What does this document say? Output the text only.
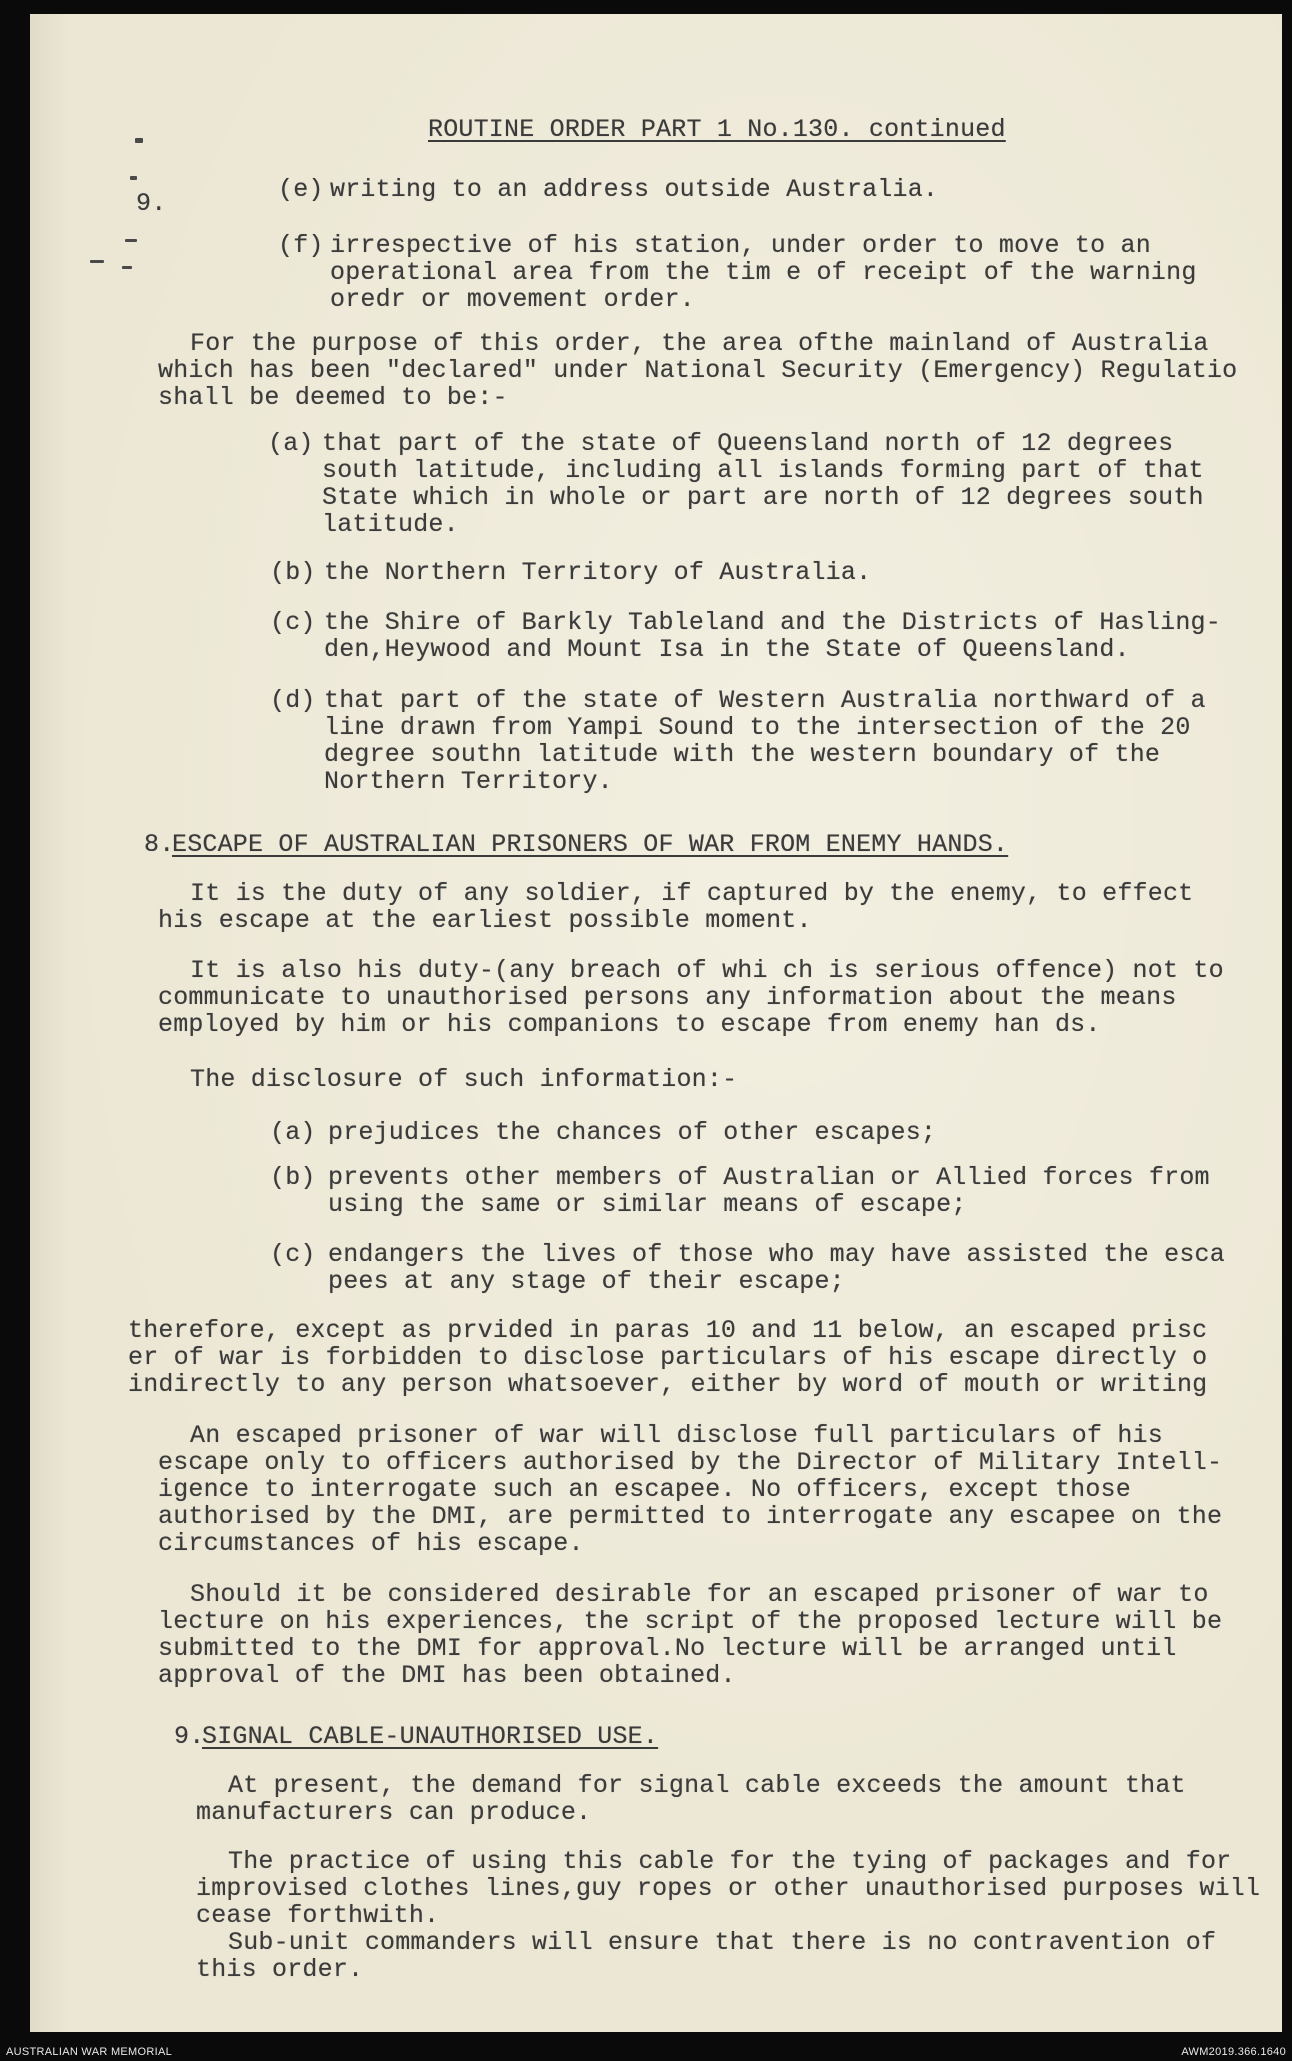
ROUTINE ORDER PART 1 No.130. continued
9.	(e) writing to an address outside Australia.
(f) irrespective of his station, under order to move to an
operational area from the tim e of receipt of the warning
oredr or movement order.
For the purpose of this order, the area ofthe mainland of Australia
which has been "declared" under National Security (Emergency) Regulatio
shall be deemed to be:-
(a) that part of the state of Queensland north of 12 degrees
south latitude, including all islands forming part of that
State which in whole or part are north of 12 degrees south
latitude.
(b) the Northern Territory of Australia.
(c) the Shire of Barkly Tableland and the Districts of Hasling-
den,Heywood and Mount Isa in the State of Queensland.
(d) that part of the state of Western Australia northward of a
line drawn from Yampi Sound to the intersection of the 20
degree southn latitude with the western boundary of the
Northern Territory.
8.
ESCAPE OF AUSTRALIAN PRISONERS OF WAR FROM ENEMY HANDS.
It is the duty of any soldier, if captured by the enemy, to effect
his escape at the earliest possible moment.
It is also his duty-(any breach of whi ch is serious offence) not to
communicate to unauthorised persons any information about the means
employed by him or his companions to escape from enemy han ds.
The disclosure of such information:-
(a) prejudices the chances of other escapes;
(b) prevents other members of Australian or Allied forces from
using the same or similar means of escape;
(c) endangers the lives of those who may have assisted the esca
pees at any stage of their escape;
therefore, except as prvided in paras 10 and 11 below, an escaped prisc
er of war is forbidden to disclose particulars of his escape directly o
indirectly to any person whatsoever, either by word of mouth or writing
An escaped prisoner of war will disclose full particulars of his
escape only to officers authorised by the Director of Military Intell-
igence to interrogate such an escapee. No officers, except those
authorised by the DMI, are permitted to interrogate any escapee on the
circumstances of his escape.
Should it be considered desirable for an escaped prisoner of war to
lecture on his experiences, the script of the proposed lecture will be
submitted to the DMI for approval.No lecture will be arranged until
approval of the DMI has been obtained.
9.
SIGNAL CABLE-UNAUTHORISED USE.
At present, the demand for signal cable exceeds the amount that
manufacturers can produce.
The practice of using this cable for the tying of packages and for
improvised clothes lines,guy ropes or other unauthorised purposes will
cease forthwith.
Sub-unit commanders will ensure that there is no contravention of
this order.
AUSTRALIAN WAR MEMORIAL	AWM2019.366.1640
